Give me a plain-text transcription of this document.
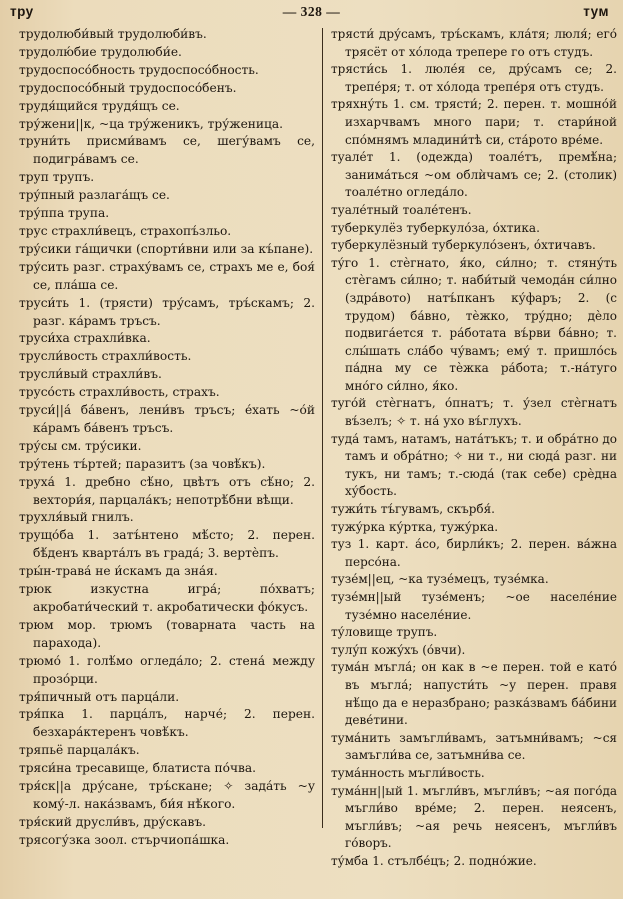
тру	— 328 —	тум

трудолюби́вый трудолюби́въ.

трудолю́бие трудолюби́е.

трудоспосо́бность трудоспосо́бность.

трудоспосо́бный трудоспосо́бенъ.

трудя́щийся трудя́щъ се.

тру́жени||к, ~ца тру́женикъ, тру́женица.

труни́ть присми́вамъ се, шегу́вамъ се, подигра́вамъ се.

труп трупъ.

тру́пный разлага́щъ се.

тру́ппа трупа.

трус страхли́вецъ, страхопъ́зльо.

тру́сики га́щички (спорти́вни или за къ́пане).

тру́сить разг. страху́вамъ се, страхъ ме е, бoя́ се, пла́ша се.

труси́ть 1. (трясти) тру́самъ, тръ́скамъ; 2. разг. ка́рамъ тръсъ.

труси́ха страхли́вка.

трусли́вость страхли́вость.

трусли́вый страхли́въ.

трусо́сть страхли́вость, страхъ.

труси́||а́ ба́венъ, лени́въ тръсъ; е́хать ~о́й ка́рамъ ба́венъ тръсъ.

тру́сы см. тру́сики.

тру́тень тъ́ртей; паразитъ (за човѣ́къ).

труха́ 1. дребно сѣ́но, цвѣтъ отъ сѣ́но; 2. вехтори́я, парцала́къ; непотрѣ́бни вѣщи.

трухля́вый гнилъ.

трущо́ба 1. затъ́нтено мѣ́сто; 2. перен. бѣ́денъ кварта́лъ въ града́; 3. вертѐпъ.

тры́н-трава́ не и́скамъ да зна́я.

трюк изкустна игра́; по́хватъ; акробати́ческий т. акробатически фо́кусъ.

трюм мор. трюмъ (товарната часть на парахода).

трюмо́ 1. голѣ́мо огледа́ло; 2. стена́ между прозо́рци.

тря́пичный отъ парца́ли.

тря́пка 1. парца́лъ, нарче́; 2. перен. безхара́ктеренъ човѣ́къ.

тряпьё парцала́къ.

тряси́на тресавище, блатиста по́чва.

тря́ск||а дру́сане, тръ́скане; ✧ зада́ть ~у кому́-л. нака́звамъ, би́я нѣ́кого.

тря́ский друсли́въ, дру́скавъ.

трясогу́зка зоол. стърчиопа́шка.

трясти́ дру́самъ, тръ́скамъ, кла́тя; люля́; его́ трясёт от хо́лода трепере го отъ студъ.

трясти́сь 1. люле́я се, дру́самъ се; 2. трепе́ря; т. от хо́лода трепе́ря отъ студъ.

тряхну́ть 1. см. трясти́; 2. перен. т. мошно́й изхарчвамъ много пари; т. стари́ной спо́мнямъ младини́тѣ си, ста́рото вре́ме.

туале́т 1. (одежда) тоале́тъ, премѣ́на; занима́ться ~ом облѝчамъ се; 2. (столик) тоале́тно огледа́ло.

туале́тный тоале́тенъ.

туберкулёз туберкуло́за, о́хтика.

туберкулёзный туберкуло́зенъ, о́хтичавъ.

ту́го 1. стѐгнато, я́ко, си́лно; т. стяну́ть стѐгамъ си́лно; т. наби́тый чемода́н си́лно (здра́вото) натъ́пканъ ку́фаръ; 2. (с трудом) ба́вно, тѐжко, тру́дно; дѐло подвига́ется т. ра́ботата въ́рви ба́вно; т. слы́шать сла́бо чу́вамъ; ему́ т. пришло́сь па́дна му се тѐжка ра́бота; т.-на́туго мно́го си́лно, я́ко.

туго́й стѐгнатъ, о́пнатъ; т. у́зел стѐгнатъ въ́зелъ; ✧ т. на́ ухо въ́глухъ.

туда́ тамъ, натамъ, ната́тъкъ; т. и обра́тно до тамъ и обра́тно; ✧ ни т., ни сюда́ разг. ни тукъ, ни тамъ; т.-сюда́ (так себе) срѐдна ху́бость.

тужи́ть тъ́гувамъ, скърбя́.

тужу́рка ку́ртка, тужу́рка.

туз 1. карт. а́со, бирли́къ; 2. перен. ва́жна персо́на.

тузе́м||ец, ~ка тузе́мецъ, тузе́мка.

тузе́мн||ый тузе́менъ; ~ое населе́ние тузе́мно населе́ние.

ту́ловище трупъ.

тулу́п кожу́хъ (о́вчи).

тума́н мъгла́; он как в ~е перен. той е като́ въ мъгла́; напусти́ть ~у перен. правя нѣ́що да е неразбрано; разка́звамъ ба́бини деве́тини.

тума́нить замъгли́вамъ, затъмни́вамъ; ~ся замъгли́ва се, затъмни́ва се.

тума́нность мъгли́вость.

тума́нн||ый 1. мъгли́въ, мъгли́въ; ~ая пого́да мъгли́во вре́ме; 2. перен. неясенъ, мъгли́въ; ~ая речь неясенъ, мъгли́въ го́воръ.

ту́мба 1. стълбе́цъ; 2. подно́жие.
